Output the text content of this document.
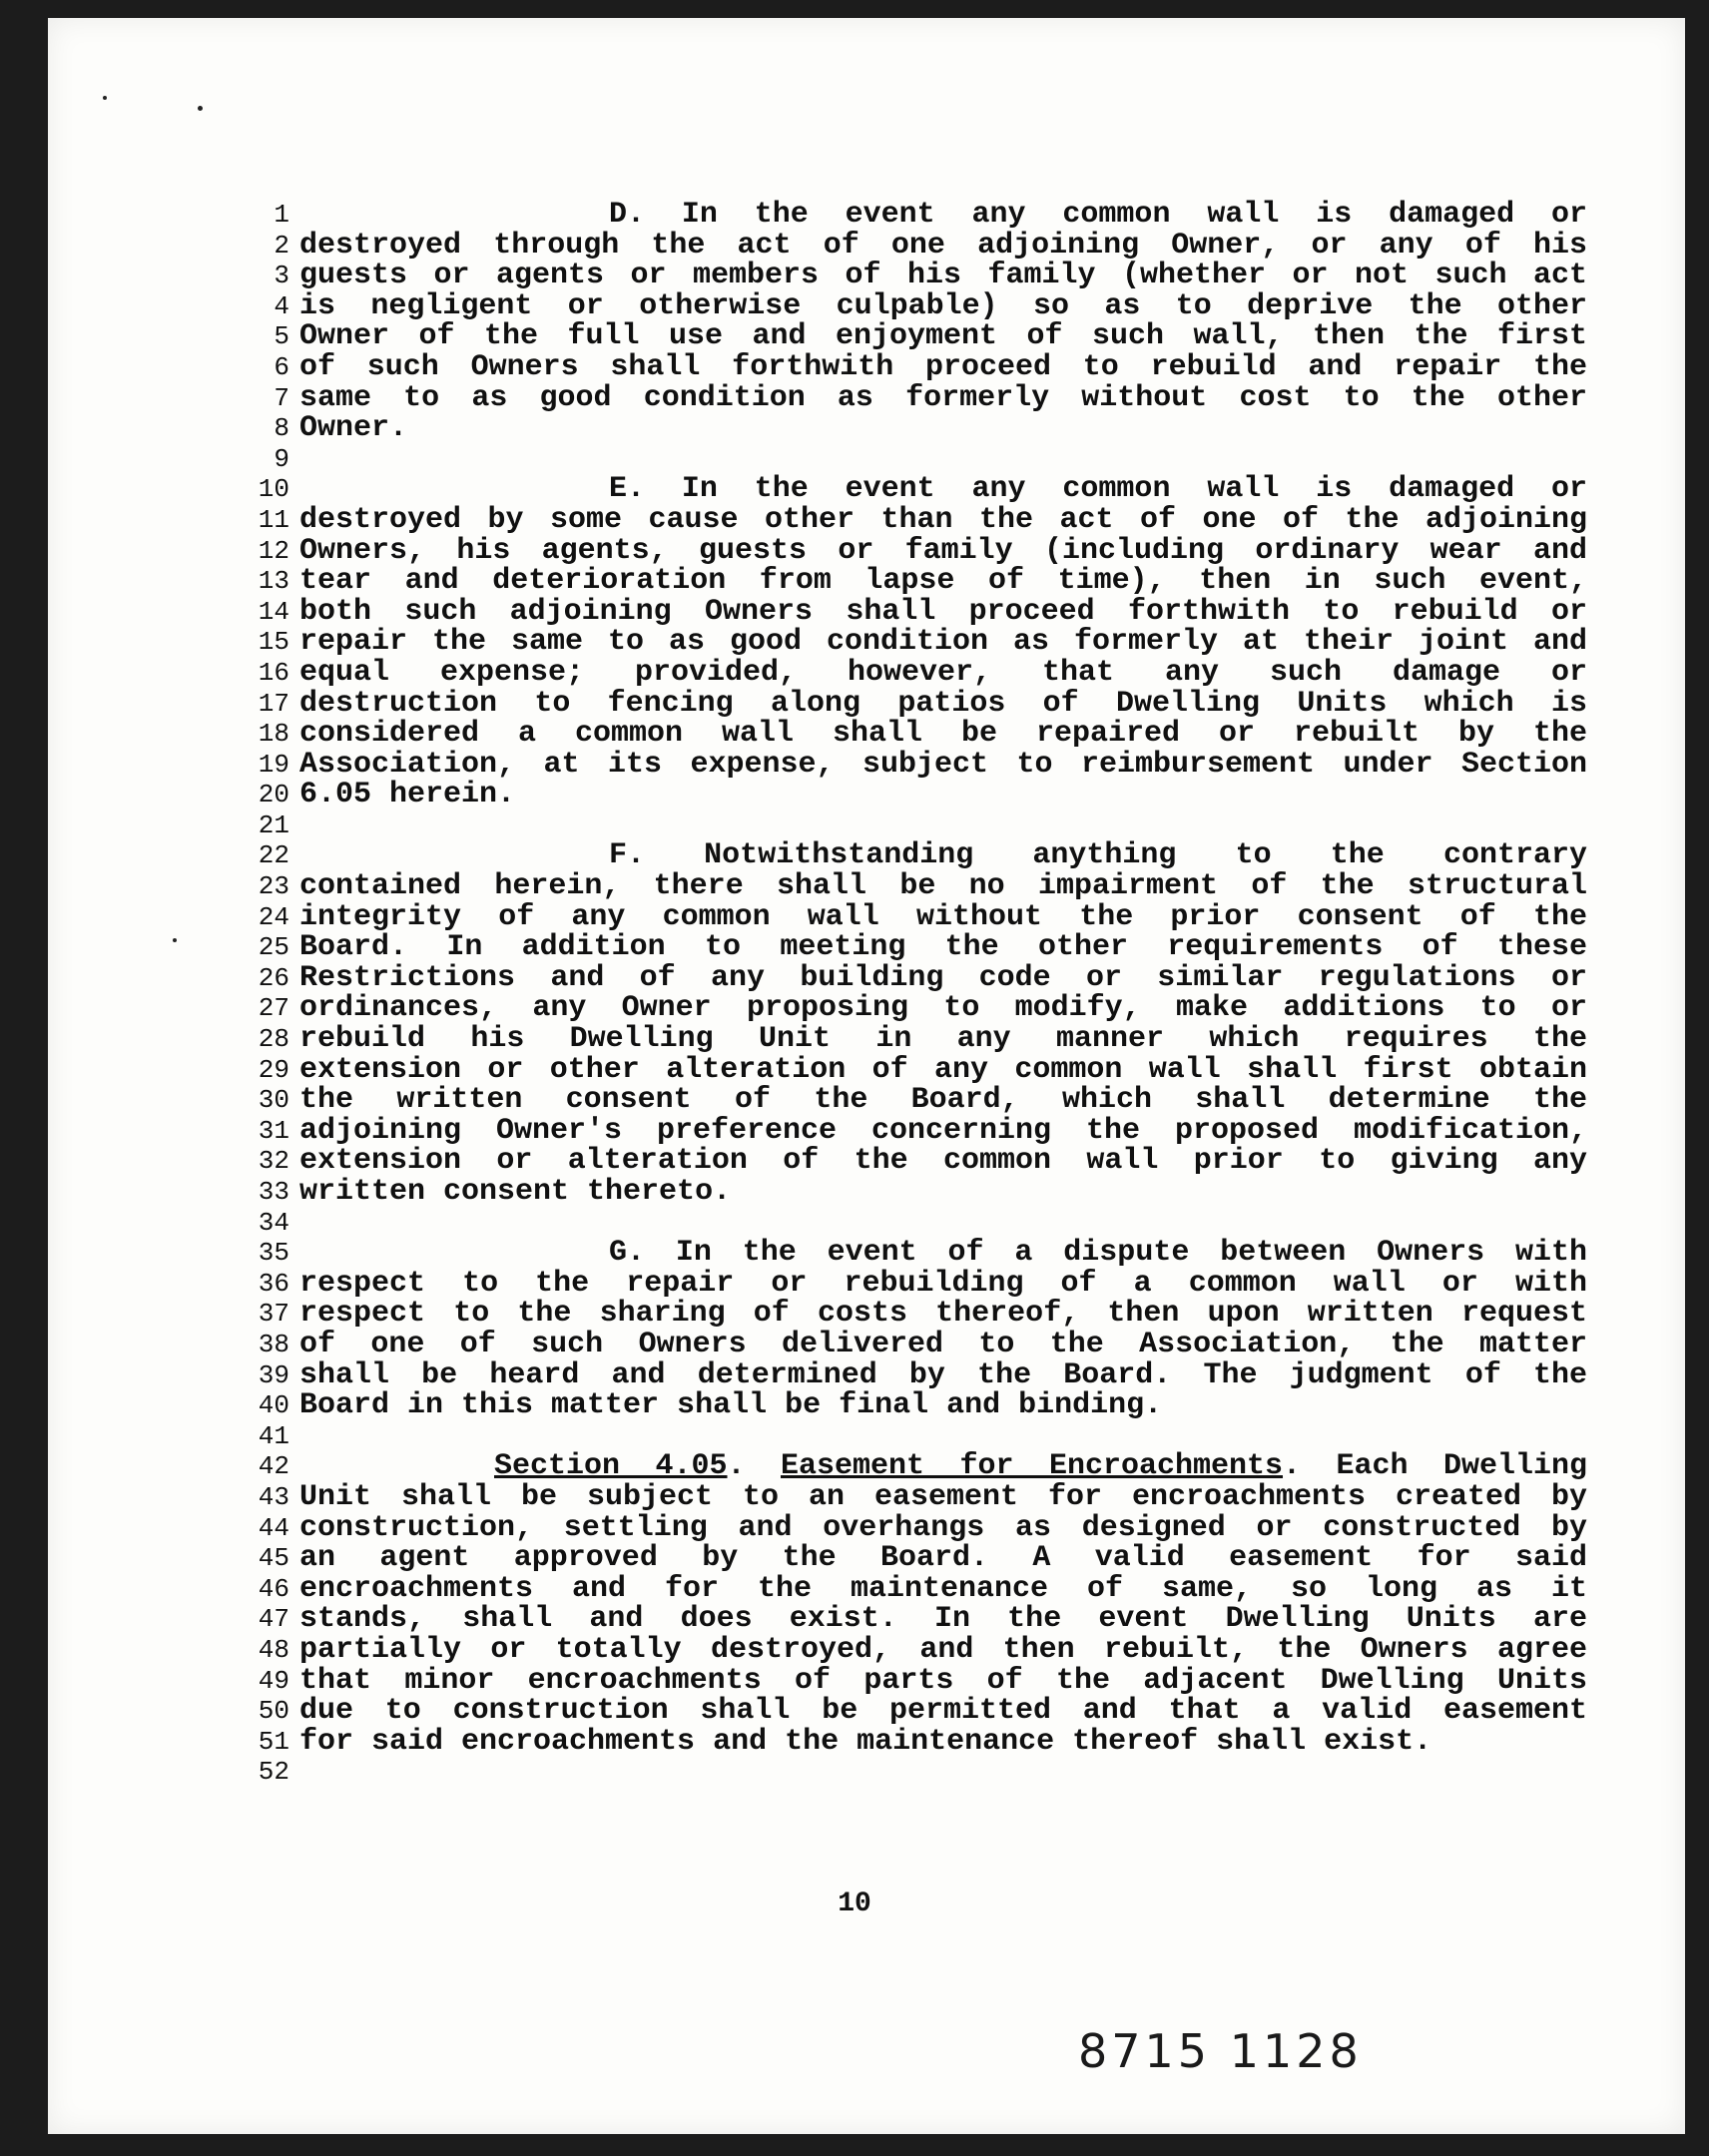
1
2
3
4
5
6
7
8
9
10
11
12
13
14
15
16
17
18
19
20
21
22
23
24
25
26
27
28
29
30
31
32
33
34
35
36
37
38
39
40
41
42
43
44
45
46
47
48
49
50
51
52
D. In the event any common wall is damaged or
destroyed through the act of one adjoining Owner, or any of his
guests or agents or members of his family (whether or not such act
is negligent or otherwise culpable) so as to deprive the other
Owner of the full use and enjoyment of such wall, then the first
of such Owners shall forthwith proceed to rebuild and repair the
same to as good condition as formerly without cost to the other
Owner.
E. In the event any common wall is damaged or
destroyed by some cause other than the act of one of the adjoining
Owners, his agents, guests or family (including ordinary wear and
tear and deterioration from lapse of time), then in such event,
both such adjoining Owners shall proceed forthwith to rebuild or
repair the same to as good condition as formerly at their joint and
equal expense; provided, however, that any such damage or
destruction to fencing along patios of Dwelling Units which is
considered a common wall shall be repaired or rebuilt by the
Association, at its expense, subject to reimbursement under Section
6.05 herein.
F. Notwithstanding anything to the contrary
contained herein, there shall be no impairment of the structural
integrity of any common wall without the prior consent of the
Board. In addition to meeting the other requirements of these
Restrictions and of any building code or similar regulations or
ordinances, any Owner proposing to modify, make additions to or
rebuild his Dwelling Unit in any manner which requires the
extension or other alteration of any common wall shall first obtain
the written consent of the Board, which shall determine the
adjoining Owner's preference concerning the proposed modification,
extension or alteration of the common wall prior to giving any
written consent thereto.
G. In the event of a dispute between Owners with
respect to the repair or rebuilding of a common wall or with
respect to the sharing of costs thereof, then upon written request
of one of such Owners delivered to the Association, the matter
shall be heard and determined by the Board. The judgment of the
Board in this matter shall be final and binding.
Section 4.05. Easement for Encroachments. Each Dwelling
Unit shall be subject to an easement for encroachments created by
construction, settling and overhangs as designed or constructed by
an agent approved by the Board. A valid easement for said
encroachments and for the maintenance of same, so long as it
stands, shall and does exist. In the event Dwelling Units are
partially or totally destroyed, and then rebuilt, the Owners agree
that minor encroachments of parts of the adjacent Dwelling Units
due to construction shall be permitted and that a valid easement
for said encroachments and the maintenance thereof shall exist.
10
8715 1128
